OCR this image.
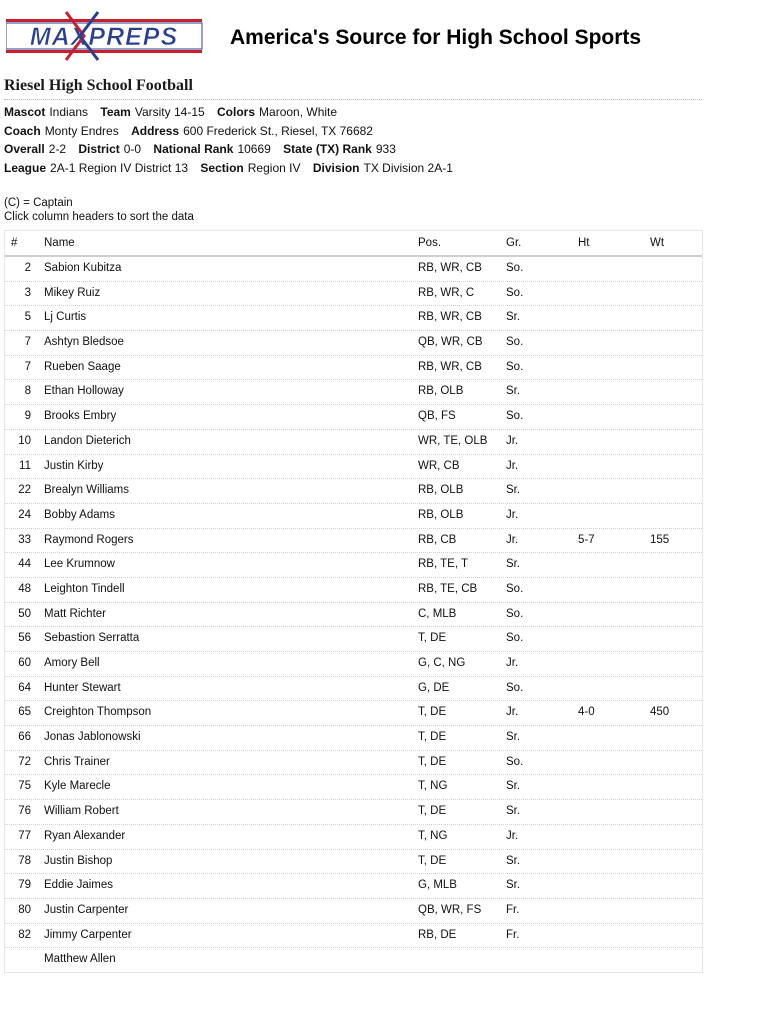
MAXPREPS America's Source for High School Sports
Riesel High School Football
Mascot Indians Team Varsity 14-15 Colors Maroon, White
Coach Monty Endres Address 600 Frederick St., Riesel, TX 76682
Overall 2-2 District 0-0 National Rank 10669 State (TX) Rank 933
League 2A-1 Region IV District 13 Section Region IV Division TX Division 2A-1
(C) = Captain
Click column headers to sort the data
#	Name	Pos.	Gr.	Ht	Wt
2 Sabion Kubitza	RB, WR, CB So.
3 Mikey Ruiz	RB, WR, C	So.
5 Lj Curtis	RB, WR, CB Sr.
7 Ashtyn Bledsoe	QB, WR, CB So.
7 Rueben Saage	RB, WR, CB So.
8 Ethan Holloway	RB, OLB	Sr.
9 Brooks Embry	QB, FS	So.
10 Landon Dieterich	WR, TE, OLB Jr.
11 Justin Kirby	WR, CB	Jr.
22 Brealyn Williams	RB, OLB	Sr.
24 Bobby Adams	RB, OLB	Jr.
33 Raymond Rogers	RB, CB	Jr.	5-7	155
44 Lee Krumnow	RB, TE, T	Sr.
48 Leighton Tindell	RB, TE, CB	So.
50 Matt Richter	C, MLB	So.
56 Sebastion Serratta	T, DE	So.
60 Amory Bell	G, C, NG	Jr.
64 Hunter Stewart	G, DE	So.
65 Creighton Thompson	T, DE	Jr.	4-0	450
66 Jonas Jablonowski	T, DE	Sr.
72 Chris Trainer	T, DE	So.
75 Kyle Marecle	T, NG	Sr.
76 William Robert	T, DE	Sr.
77 Ryan Alexander	T, NG	Jr.
78 Justin Bishop	T, DE	Sr.
79 Eddie Jaimes	G, MLB	Sr.
80 Justin Carpenter	QB, WR, FS Fr.
82 Jimmy Carpenter	RB, DE	Fr.
Matthew Allen
